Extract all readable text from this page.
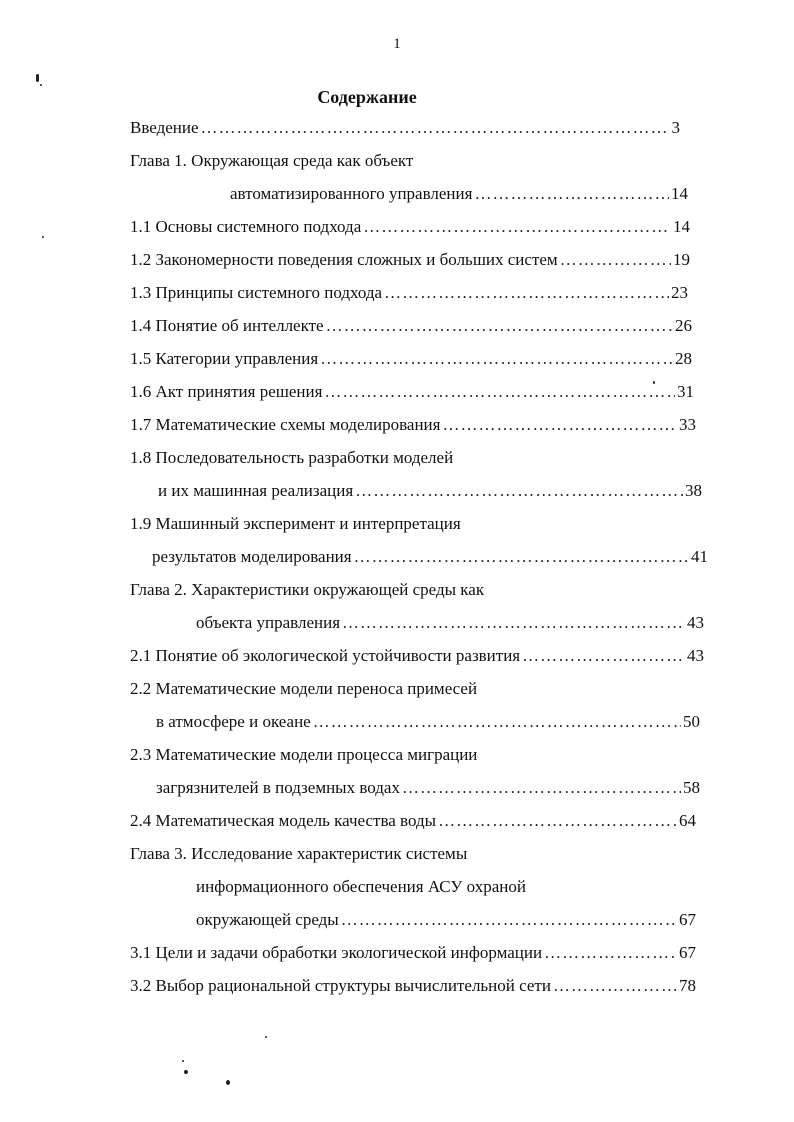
1
Содержание
Введение ……………………………………………………………………………………………………………………………………………	3
Глава 1. Окружающая среда как объект
автоматизированного управления ……………………………………………………………………………………………………………………………………………	14
1.1 Основы системного подхода ……………………………………………………………………………………………………………………………………………	14
1.2 Закономерности поведения сложных и больших систем ……………………………………………………………………………………………………………………………………………	19
1.3 Принципы системного подхода ……………………………………………………………………………………………………………………………………………	23
1.4 Понятие об интеллекте ……………………………………………………………………………………………………………………………………………	26
1.5 Категории управления ……………………………………………………………………………………………………………………………………………	28
1.6 Акт принятия решения ……………………………………………………………………………………………………………………………………………	31
1.7 Математические схемы моделирования ……………………………………………………………………………………………………………………………………………	33
1.8 Последовательность разработки моделей
и их машинная реализация ……………………………………………………………………………………………………………………………………………	38
1.9 Машинный эксперимент и интерпретация
результатов моделирования ……………………………………………………………………………………………………………………………………………	41
Глава 2. Характеристики окружающей среды как
объекта управления ……………………………………………………………………………………………………………………………………………	43
2.1 Понятие об экологической устойчивости развития ……………………………………………………………………………………………………………………………………………	43
2.2 Математические модели переноса примесей
в атмосфере и океане ……………………………………………………………………………………………………………………………………………	50
2.3 Математические модели процесса миграции
загрязнителей в подземных водах ……………………………………………………………………………………………………………………………………………	58
2.4 Математическая модель качества воды ……………………………………………………………………………………………………………………………………………	64
Глава 3. Исследование характеристик системы
информационного обеспечения АСУ охраной
окружающей среды ……………………………………………………………………………………………………………………………………………	67
3.1 Цели и задачи обработки экологической информации ……………………………………………………………………………………………………………………………………………	67
3.2 Выбор рациональной структуры вычислительной сети ……………………………………………………………………………………………………………………………………………	78
